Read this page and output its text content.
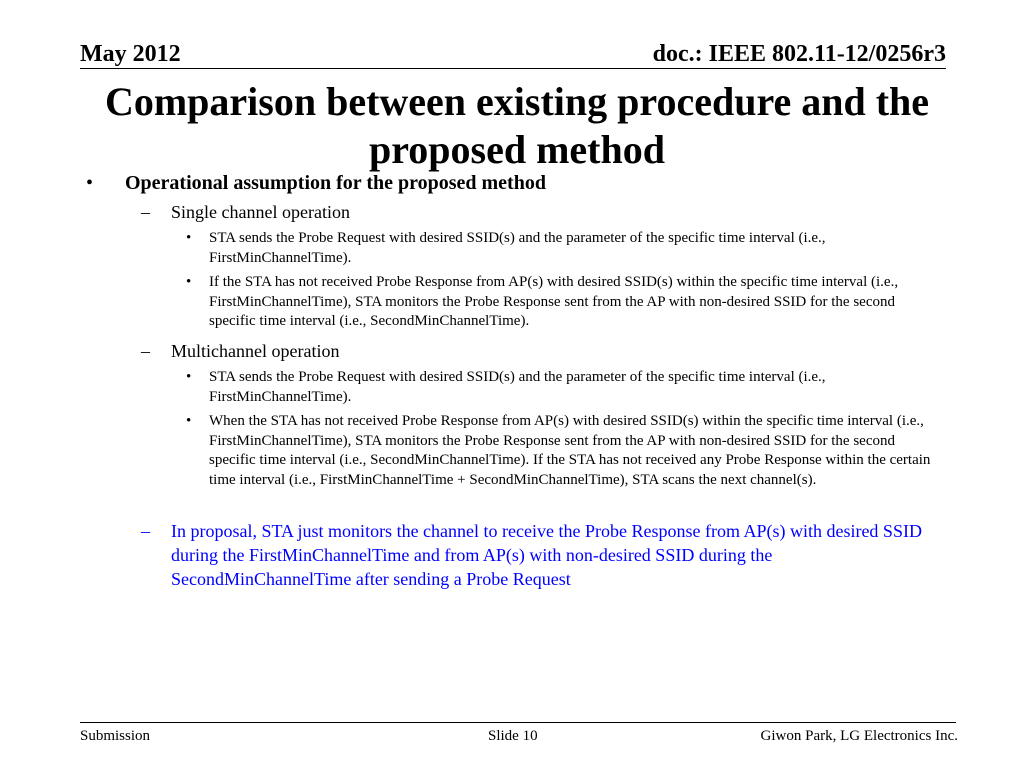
May 2012	doc.: IEEE 802.11-12/0256r3
Comparison between existing procedure and the proposed method
• Operational assumption for the proposed method
– Single channel operation
• STA sends the Probe Request with desired SSID(s) and the parameter of the specific time interval (i.e., FirstMinChannelTime).
• If the STA has not received Probe Response from AP(s) with desired SSID(s) within the specific time interval (i.e., FirstMinChannelTime), STA monitors the Probe Response sent from the AP with non-desired SSID for the second specific time interval (i.e., SecondMinChannelTime).
– Multichannel operation
• STA sends the Probe Request with desired SSID(s) and the parameter of the specific time interval (i.e., FirstMinChannelTime).
• When the STA has not received Probe Response from AP(s) with desired SSID(s) within the specific time interval (i.e., FirstMinChannelTime), STA monitors the Probe Response sent from the AP with non-desired SSID for the second specific time interval (i.e., SecondMinChannelTime). If the STA has not received any Probe Response within the certain time interval (i.e., FirstMinChannelTime + SecondMinChannelTime), STA scans the next channel(s).
– In proposal, STA just monitors the channel to receive the Probe Response from AP(s) with desired SSID during the FirstMinChannelTime and from AP(s) with non-desired SSID during the SecondMinChannelTime after sending a Probe Request
Submission	Slide 10	Giwon Park, LG Electronics Inc.
